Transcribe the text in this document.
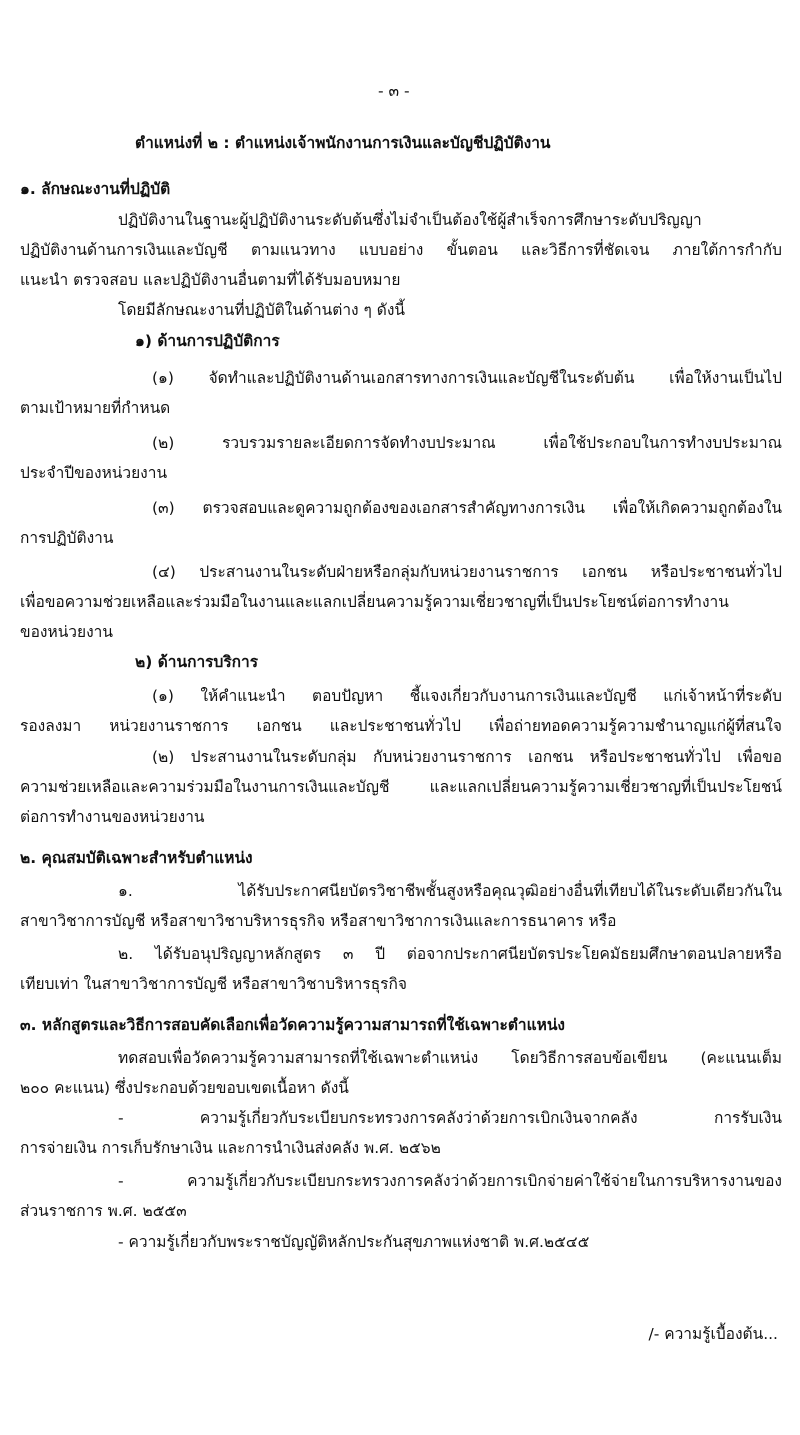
- ๓ -
ตำแหน่งที่ ๒ : ตำแหน่งเจ้าพนักงานการเงินและบัญชีปฏิบัติงาน
๑. ลักษณะงานที่ปฏิบัติ
ปฏิบัติงานในฐานะผู้ปฏิบัติงานระดับต้นซึ่งไม่จำเป็นต้องใช้ผู้สำเร็จการศึกษาระดับปริญญา
ปฏิบัติงานด้านการเงินและบัญชี ตามแนวทาง แบบอย่าง ขั้นตอน และวิธีการที่ชัดเจน ภายใต้การกำกับ
แนะนำ ตรวจสอบ และปฏิบัติงานอื่นตามที่ได้รับมอบหมาย
โดยมีลักษณะงานที่ปฏิบัติในด้านต่าง ๆ ดังนี้
๑) ด้านการปฏิบัติการ
(๑) จัดทำและปฏิบัติงานด้านเอกสารทางการเงินและบัญชีในระดับต้น เพื่อให้งานเป็นไป
ตามเป้าหมายที่กำหนด
(๒) รวบรวมรายละเอียดการจัดทำงบประมาณ เพื่อใช้ประกอบในการทำงบประมาณ
ประจำปีของหน่วยงาน
(๓) ตรวจสอบและดูความถูกต้องของเอกสารสำคัญทางการเงิน เพื่อให้เกิดความถูกต้องใน
การปฏิบัติงาน
(๔) ประสานงานในระดับฝ่ายหรือกลุ่มกับหน่วยงานราชการ เอกชน หรือประชาชนทั่วไป
เพื่อขอความช่วยเหลือและร่วมมือในงานและแลกเปลี่ยนความรู้ความเชี่ยวชาญที่เป็นประโยชน์ต่อการทำงาน
ของหน่วยงาน
๒) ด้านการบริการ
(๑) ให้คำแนะนำ ตอบปัญหา ชี้แจงเกี่ยวกับงานการเงินและบัญชี แก่เจ้าหน้าที่ระดับ
รองลงมา หน่วยงานราชการ เอกชน และประชาชนทั่วไป เพื่อถ่ายทอดความรู้ความชำนาญแก่ผู้ที่สนใจ
(๒) ประสานงานในระดับกลุ่ม กับหน่วยงานราชการ เอกชน หรือประชาชนทั่วไป เพื่อขอ
ความช่วยเหลือและความร่วมมือในงานการเงินและบัญชี และแลกเปลี่ยนความรู้ความเชี่ยวชาญที่เป็นประโยชน์
ต่อการทำงานของหน่วยงาน
๒. คุณสมบัติเฉพาะสำหรับตำแหน่ง
๑. ได้รับประกาศนียบัตรวิชาชีพชั้นสูงหรือคุณวุฒิอย่างอื่นที่เทียบได้ในระดับเดียวกันใน
สาขาวิชาการบัญชี หรือสาขาวิชาบริหารธุรกิจ หรือสาขาวิชาการเงินและการธนาคาร หรือ
๒. ได้รับอนุปริญญาหลักสูตร ๓ ปี ต่อจากประกาศนียบัตรประโยคมัธยมศึกษาตอนปลายหรือ
เทียบเท่า ในสาขาวิชาการบัญชี หรือสาขาวิชาบริหารธุรกิจ
๓. หลักสูตรและวิธีการสอบคัดเลือกเพื่อวัดความรู้ความสามารถที่ใช้เฉพาะตำแหน่ง
ทดสอบเพื่อวัดความรู้ความสามารถที่ใช้เฉพาะตำแหน่ง โดยวิธีการสอบข้อเขียน (คะแนนเต็ม
๒๐๐ คะแนน) ซึ่งประกอบด้วยขอบเขตเนื้อหา ดังนี้
- ความรู้เกี่ยวกับระเบียบกระทรวงการคลังว่าด้วยการเบิกเงินจากคลัง การรับเงิน
การจ่ายเงิน การเก็บรักษาเงิน และการนำเงินส่งคลัง พ.ศ. ๒๕๖๒
- ความรู้เกี่ยวกับระเบียบกระทรวงการคลังว่าด้วยการเบิกจ่ายค่าใช้จ่ายในการบริหารงานของ
ส่วนราชการ พ.ศ. ๒๕๕๓
- ความรู้เกี่ยวกับพระราชบัญญัติหลักประกันสุขภาพแห่งชาติ พ.ศ.๒๕๔๕
/- ความรู้เบื้องต้น...
